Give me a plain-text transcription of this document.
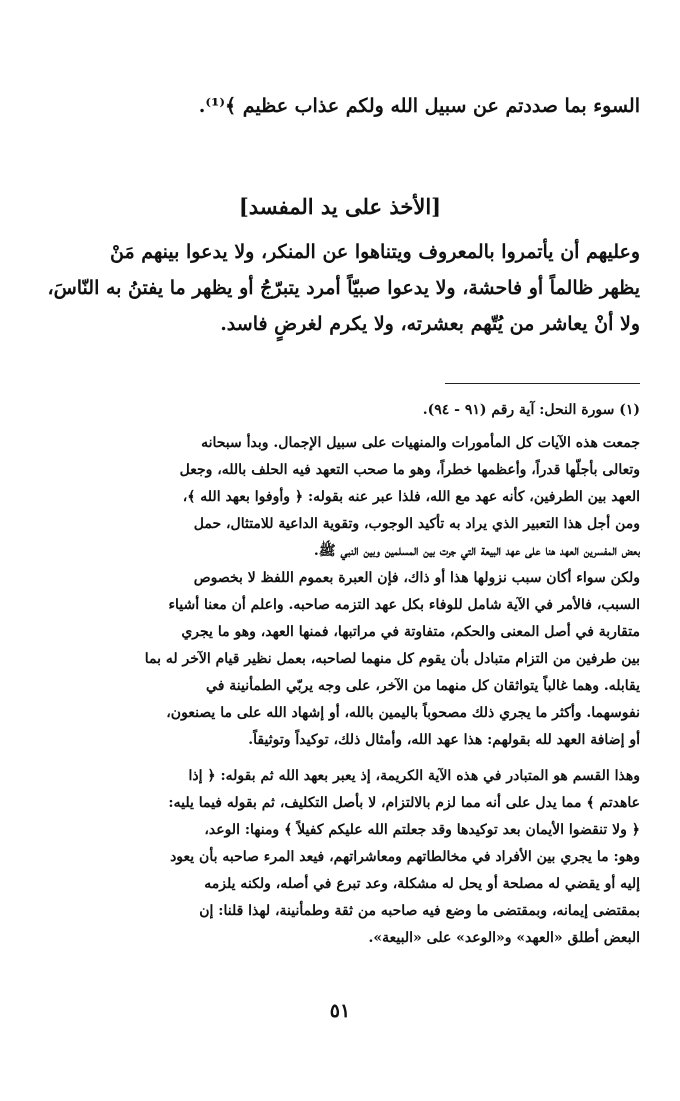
السوء بما صددتم عن سبيل الله ولكم عذاب عظيم ﴾⁽¹⁾.
[الأخذ على يد المفسد]
وعليهم أن يأتمروا بالمعروف ويتناهوا عن المنكر، ولا يدعوا بينهم مَنْ
يظهر ظالماً أو فاحشة، ولا يدعوا صبيّاً أمرد يتبرّجُ أو يظهر ما يفتنُ به النّاسَ،
ولا أنْ يعاشر من يُتّهم بعشرته، ولا يكرم لغرضٍ فاسد.
(١) سورة النحل: آية رقم (٩١ - ٩٤).
جمعت هذه الآيات كل المأمورات والمنهيات على سبيل الإجمال. وبدأ سبحانه
وتعالى بأجلّها قدراً، وأعظمها خطراً، وهو ما صحب التعهد فيه الحلف بالله، وجعل
العهد بين الطرفين، كأنه عهد مع الله، فلذا عبر عنه بقوله: ﴿ وأوفوا بعهد الله ﴾،
ومن أجل هذا التعبير الذي يراد به تأكيد الوجوب، وتقوية الداعية للامتثال، حمل
بعض المفسرين العهد هنا على عهد البيعة التي جرت بين المسلمين وبين النبي ﷺ.
ولكن سواء أكان سبب نزولها هذا أو ذاك، فإن العبرة بعموم اللفظ لا بخصوص
السبب، فالأمر في الآية شامل للوفاء بكل عهد التزمه صاحبه. واعلم أن معنا أشياء
متقاربة في أصل المعنى والحكم، متفاوتة في مراتبها، فمنها العهد، وهو ما يجري
بين طرفين من التزام متبادل بأن يقوم كل منهما لصاحبه، بعمل نظير قيام الآخر له بما
يقابله. وهما غالباً يتواثقان كل منهما من الآخر، على وجه يربّي الطمأنينة في
نفوسهما. وأكثر ما يجري ذلك مصحوباً باليمين بالله، أو إشهاد الله على ما يصنعون،
أو إضافة العهد لله بقولهم: هذا عهد الله، وأمثال ذلك، توكيداً وتوثيقاً.
وهذا القسم هو المتبادر في هذه الآية الكريمة، إذ يعبر بعهد الله ثم بقوله: ﴿ إذا
عاهدتم ﴾ مما يدل على أنه مما لزم بالالتزام، لا بأصل التكليف، ثم بقوله فيما يليه:
﴿ ولا تنقضوا الأيمان بعد توكيدها وقد جعلتم الله عليكم كفيلاً ﴾ ومنها: الوعد،
وهو: ما يجري بين الأفراد في مخالطاتهم ومعاشراتهم، فيعد المرء صاحبه بأن يعود
إليه أو يقضي له مصلحة أو يحل له مشكلة، وعد تبرع في أصله، ولكنه يلزمه
بمقتضى إيمانه، وبمقتضى ما وضع فيه صاحبه من ثقة وطمأنينة، لهذا قلنا: إن
البعض أطلق «العهد» و«الوعد» على «البيعة».
٥١
